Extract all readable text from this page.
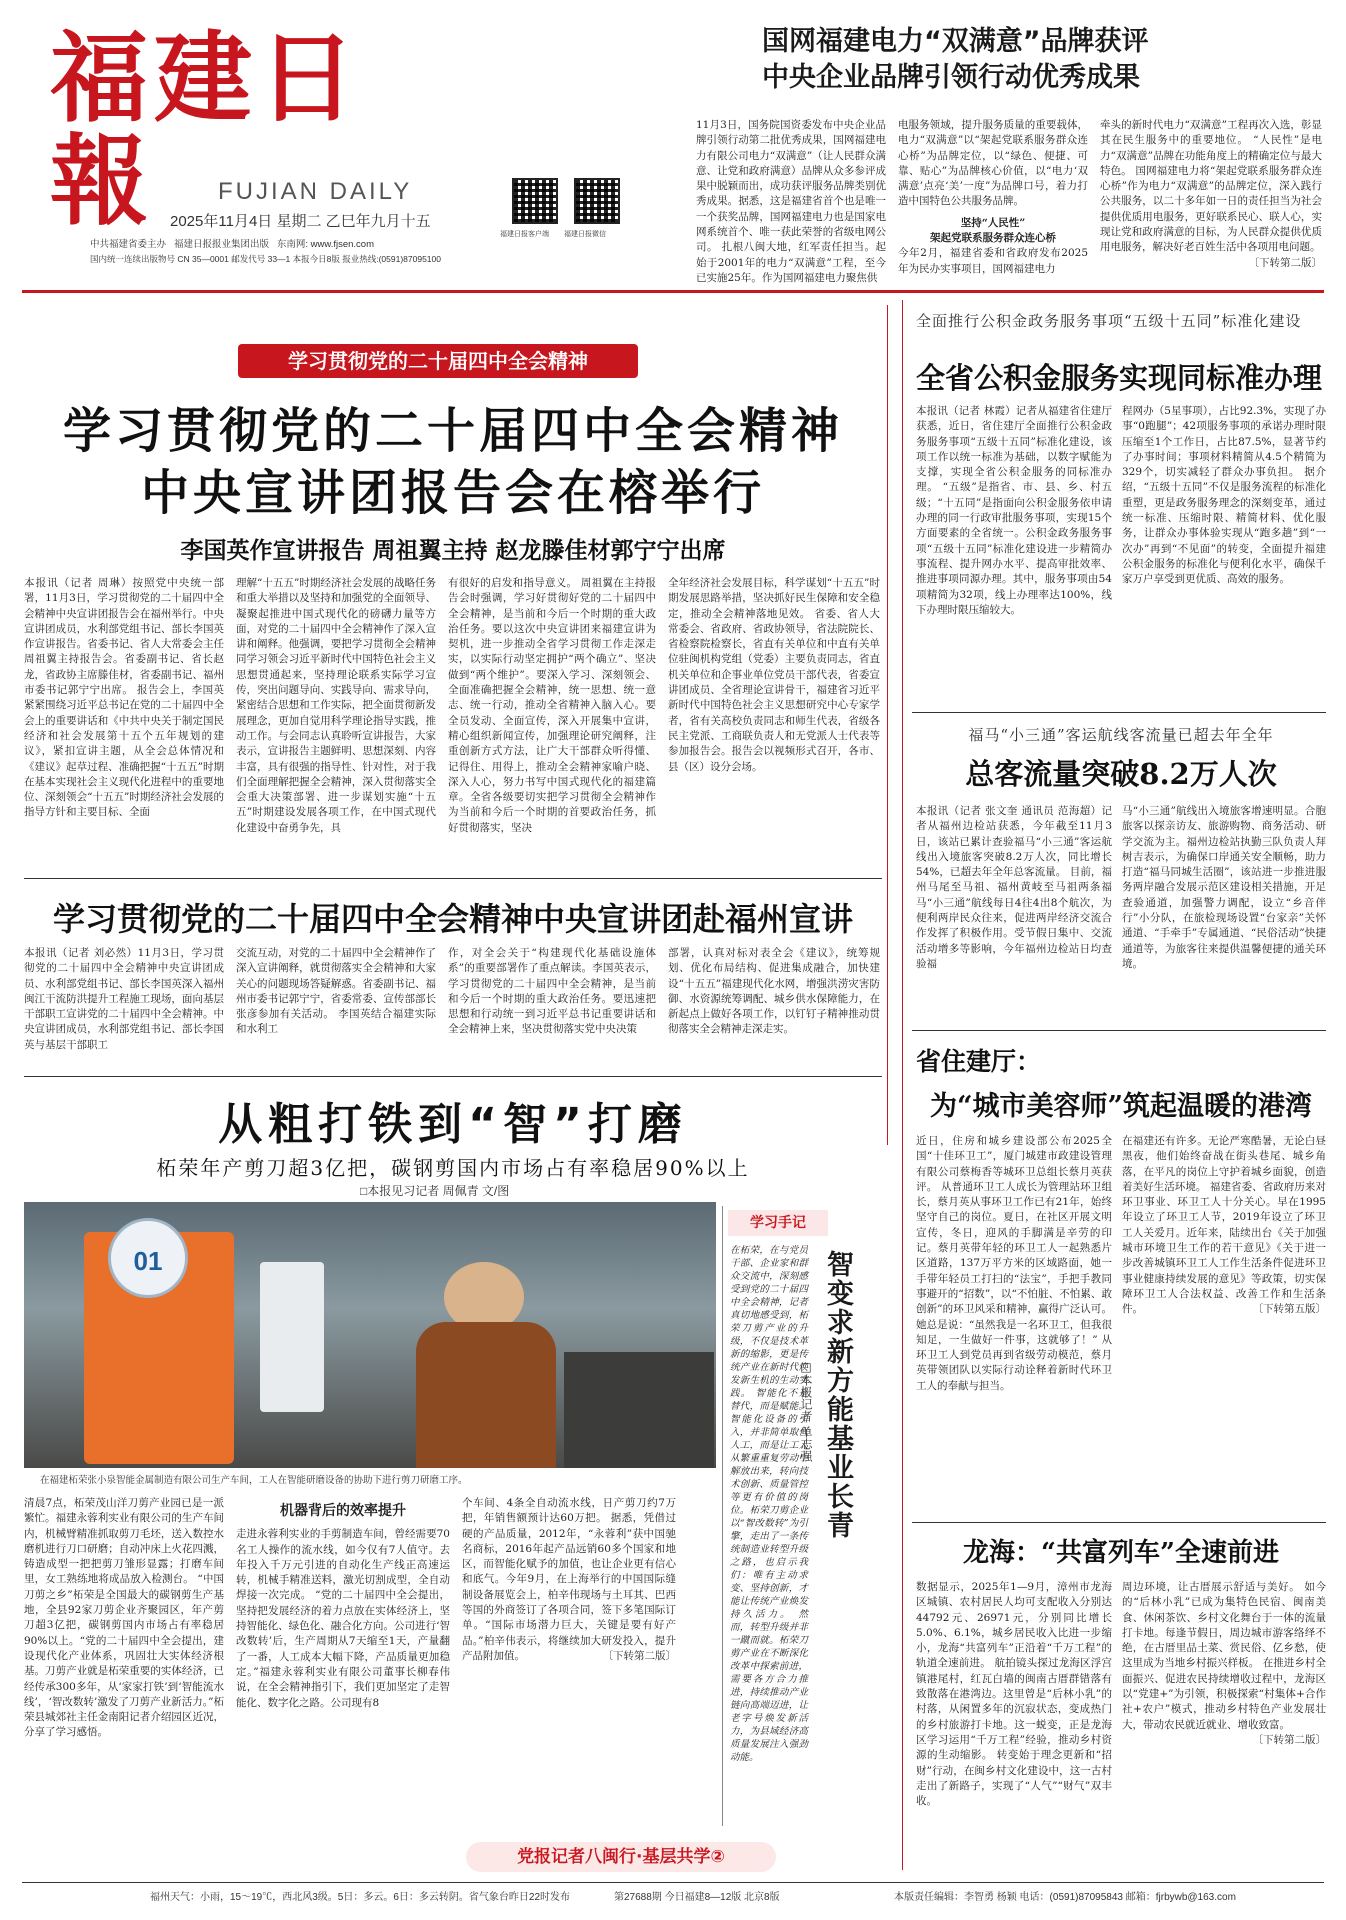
福建日報	FUJIAN DAILY
2025年11月4日 星期二 乙巳年九月十五
中共福建省委主办 福建日报报业集团出版 东南网: www.fjsen.com
国内统一连续出版物号 CN 35—0001 邮发代号 33—1 本报今日8版 报业热线:(0591)87095100
福建日报客户端 福建日报微信
国网福建电力“双满意”品牌获评
中央企业品牌引领行动优秀成果
11月3日，国务院国资委发布中央企业品牌引领行动第二批优秀成果，国网福建电力有限公司电力“双满意”（让人民群众满意、让党和政府满意）品牌从众多参评成果中脱颖而出，成功获评服务品牌类别优秀成果。据悉，这是福建省首个也是唯一一个获奖品牌，国网福建电力也是国家电网系统首个、唯一获此荣誉的省级电网公司。 扎根八闽大地，红军责任担当。起始于2001年的电力“双满意”工程，至今已实施25年。作为国网福建电力聚焦供
电服务领域，提升服务质量的重要载体，电力“双满意”以“架起党联系服务群众连心桥”为品牌定位，以“绿色、便捷、可靠、贴心”为品牌核心价值，以“电力‘双满意’点亮‘美’一度”为品牌口号，着力打造中国特色公共服务品牌。
坚持“人民性”
架起党联系服务群众连心桥
今年2月，福建省委和省政府发布2025年为民办实事项目，国网福建电力
牵头的新时代电力“双满意”工程再次入选，彰显其在民生服务中的重要地位。 “人民性”是电力“双满意”品牌在功能角度上的精确定位与最大特色。 国网福建电力将“架起党联系服务群众连心桥”作为电力“双满意”的品牌定位，深入践行公共服务，以二十多年如一日的责任担当为社会提供优质用电服务，更好联系民心、联人心，实现让党和政府满意的目标，为人民群众提供优质用电服务，解决好老百姓生活中各项用电问题。
〔下转第二版〕
学习贯彻党的二十届四中全会精神
学习贯彻党的二十届四中全会精神
中央宣讲团报告会在榕举行
李国英作宣讲报告 周祖翼主持 赵龙滕佳材郭宁宁出席
本报讯（记者 周琳）按照党中央统一部署，11月3日，学习贯彻党的二十届四中全会精神中央宣讲团报告会在福州举行。中央宣讲团成员，水利部党组书记、部长李国英作宣讲报告。省委书记、省人大常委会主任周祖翼主持报告会。省委副书记、省长赵龙，省政协主席滕佳材，省委副书记、福州市委书记郭宁宁出席。 报告会上，李国英紧紧围绕习近平总书记在党的二十届四中全会上的重要讲话和《中共中央关于制定国民经济和社会发展第十五个五年规划的建议》，紧扣宣讲主题，从全会总体情况和《建议》起草过程、准确把握“十五五”时期在基本实现社会主义现代化进程中的重要地位、深刻领会“十五五”时期经济社会发展的指导方针和主要目标、全面
理解“十五五”时期经济社会发展的战略任务和重大举措以及坚持和加强党的全面领导、凝聚起推进中国式现代化的磅礴力量等方面，对党的二十届四中全会精神作了深入宣讲和阐释。他强调，要把学习贯彻全会精神同学习领会习近平新时代中国特色社会主义思想贯通起来，坚持理论联系实际学习宣传，突出问题导向、实践导向、需求导向，紧密结合思想和工作实际，把全面贯彻新发展理念，更加自觉用科学理论指导实践，推动工作。与会同志认真聆听宣讲报告，大家表示，宣讲报告主题鲜明、思想深刻、内容丰富，具有很强的指导性、针对性，对于我们全面理解把握全会精神，深入贯彻落实全会重大决策部署、进一步谋划实施“十五五”时期建设发展各项工作，在中国式现代化建设中奋勇争先，具
有很好的启发和指导意义。 周祖翼在主持报告会时强调，学习好贯彻好党的二十届四中全会精神，是当前和今后一个时期的重大政治任务。要以这次中央宣讲团来福建宣讲为契机，进一步推动全省学习贯彻工作走深走实，以实际行动坚定拥护“两个确立”、坚决做到“两个维护”。要深入学习、深刻领会、全面准确把握全会精神，统一思想、统一意志、统一行动，推动全省精神入脑入心。要全员发动、全面宣传，深入开展集中宣讲，精心组织新闻宣传，加强理论研究阐释，注重创新方式方法，让广大干部群众听得懂、记得住、用得上，推动全会精神家喻户晓、深入人心，努力书写中国式现代化的福建篇章。全省各级要切实把学习贯彻全会精神作为当前和今后一个时期的首要政治任务，抓好贯彻落实，坚决
全年经济社会发展目标，科学谋划“十五五”时期发展思路举措，坚决抓好民生保障和安全稳定，推动全会精神落地见效。 省委、省人大常委会、省政府、省政协领导，省法院院长、省检察院检察长，省直有关单位和中直有关单位驻闽机构党组（党委）主要负责同志，省直机关单位和企事业单位党员干部代表，省委宣讲团成员、全省理论宣讲骨干，福建省习近平新时代中国特色社会主义思想研究中心专家学者，省有关高校负责同志和师生代表，省级各民主党派、工商联负责人和无党派人士代表等参加报告会。报告会以视频形式召开，各市、县（区）设分会场。
学习贯彻党的二十届四中全会精神中央宣讲团赴福州宣讲
本报讯（记者 刘必然）11月3日，学习贯彻党的二十届四中全会精神中央宣讲团成员、水利部党组书记、部长李国英深入福州闽江干流防洪提升工程施工现场，面向基层干部职工宣讲党的二十届四中全会精神。中央宣讲团成员，水利部党组书记、部长李国英与基层干部职工
交流互动，对党的二十届四中全会精神作了深入宣讲阐释，就贯彻落实全会精神和大家关心的问题现场答疑解惑。省委副书记、福州市委书记郭宁宁，省委常委、宣传部部长张彦参加有关活动。 李国英结合福建实际和水利工
作，对全会关于“构建现代化基础设施体系”的重要部署作了重点解读。李国英表示，学习贯彻党的二十届四中全会精神，是当前和今后一个时期的重大政治任务。要迅速把思想和行动统一到习近平总书记重要讲话和全会精神上来，坚决贯彻落实党中央决策
部署，认真对标对表全会《建议》，统筹规划、优化布局结构、促进集成融合，加快建设“十五五”福建现代化水网，增强洪涝灾害防御、水资源统筹调配、城乡供水保障能力，在新起点上做好各项工作，以钉钉子精神推动贯彻落实全会精神走深走实。
从粗打铁到“智”打磨
柘荣年产剪刀超3亿把，碳钢剪国内市场占有率稳居90%以上
□本报见习记者 周佩青 文/图
01
在福建柘荣张小泉智能金属制造有限公司生产车间，工人在智能研磨设备的协助下进行剪刀研磨工序。
清晨7点，柘荣茂山洋刀剪产业园已是一派繁忙。福建永蓉利实业有限公司的生产车间内，机械臂精准抓取剪刀毛坯，送入数控水磨机进行刀口研磨；自动冲床上火花四溅，铸造成型一把把剪刀雏形显露；打磨车间里，女工熟练地将成品放入检测台。 “中国刀剪之乡”柘荣是全国最大的碳钢剪生产基地，全县92家刀剪企业齐聚园区，年产剪刀超3亿把，碳钢剪国内市场占有率稳居90%以上。“党的二十届四中全会提出，建设现代化产业体系，巩固壮大实体经济根基。刀剪产业就是柘荣重要的实体经济，已经传承300多年，从‘家家打铁’到‘智能流水线’，‘智改数转’激发了刀剪产业新活力。”柘荣县城郊社主任金南阳记者介绍园区近况，分享了学习感悟。
机器背后的效率提升
走进永蓉利实业的手剪制造车间，曾经需要70名工人操作的流水线，如今仅有7人值守。去年投入千万元引进的自动化生产线正高速运转，机械手精准送料，激光切割成型，全自动焊接一次完成。 “党的二十届四中全会提出，坚持把发展经济的着力点放在实体经济上，坚持智能化、绿色化、融合化方向。公司进行‘智改数转’后，生产周期从7天缩至1天，产量翻了一番，人工成本大幅下降，产品质量更加稳定。”福建永蓉利实业有限公司董事长柳春伟说，在全会精神指引下，我们更加坚定了走智能化、数字化之路。公司现有8
个车间、4条全自动流水线，日产剪刀约7万把，年销售额预计达60万把。 据悉，凭借过硬的产品质量，2012年，“永蓉利”获中国驰名商标，2016年起产品远销60多个国家和地区，而智能化赋予的加值，也让企业更有信心和底气。今年9月，在上海举行的中国国际缝制设备展览会上，柏辛伟现场与土耳其、巴西等国的外商签订了各项合同，签下多笔国际订单。“国际市场潜力巨大，关键是要有好产品。”柏辛伟表示，将继续加大研发投入，提升产品附加值。	〔下转第二版〕
学习手记
在柘荣，在与党员干部、企业家和群众交流中，深刻感受到党的二十届四中全会精神，记者真切地感受到，柘荣刀剪产业的升级，不仅是技术革新的缩影，更是传统产业在新时代焕发新生机的生动实践。 智能化不是替代，而是赋能。智能化设备的引入，并非简单取代人工，而是让工人从繁重重复劳动中解放出来，转向技术创新、质量管控等更有价值的岗位。柘荣刀剪企业以“智改数转”为引擎，走出了一条传统制造业转型升级之路，也启示我们：唯有主动求变、坚持创新，才能让传统产业焕发持久活力。 然而，转型升级并非一蹴而就。柘荣刀剪产业在不断深化改革中探索前进，需要各方合力推进，持续推动产业链向高端迈进，让老字号焕发新活力，为县域经济高质量发展注入强劲动能。
智变求新方能基业长青
□本报记者 单志强
党报记者八闽行·基层共学②
全面推行公积金政务服务事项“五级十五同”标准化建设
全省公积金服务实现同标准办理
本报讯（记者 林霞）记者从福建省住建厅获悉，近日，省住建厅全面推行公积金政务服务事项“五级十五同”标准化建设，该项工作以统一标准为基础，以数字赋能为支撑，实现全省公积金服务的同标准办理。 “五级”是指省、市、县、乡、村五级；“十五同”是指面向公积金服务依申请办理的同一行政审批服务事项，实现15个方面要素的全省统一。公积金政务服务事项“五级十五同”标准化建设进一步精简办事流程、提升网办水平、提高审批效率、推进事项同源办理。其中，服务事项由54项精简为32项，线上办理率达100%，线下办理时限压缩较大。
程网办（5星事项），占比92.3%，实现了办事“0跑腿”；42项服务事项的承诺办理时限压缩至1个工作日，占比87.5%，显著节约了办事时间；事项材料精简从4.5个精简为329个，切实减轻了群众办事负担。 据介绍，“五级十五同”不仅是服务流程的标准化重塑，更是政务服务理念的深刻变革，通过统一标准、压缩时限、精简材料、优化服务，让群众办事体验实现从“跑多趟”到“一次办”再到“不见面”的转变，全面提升福建公积金服务的标准化与便利化水平，确保千家万户享受到更优质、高效的服务。
福马“小三通”客运航线客流量已超去年全年
总客流量突破8.2万人次
本报讯（记者 张文奎 通讯员 范海超）记者从福州边检站获悉，今年截至11月3日，该站已累计查验福马“小三通”客运航线出入境旅客突破8.2万人次，同比增长54%，已超去年全年总客流量。 目前，福州马尾至马祖、福州黄岐至马祖两条福马“小三通”航线每日4往4出8个航次，为便利两岸民众往来，促进两岸经济交流合作发挥了积极作用。受节假日集中、交流活动增多等影响，今年福州边检站日均查验福
马“小三通”航线出入境旅客增速明显。合胞旅客以探亲访友、旅游购物、商务活动、研学交流为主。福州边检站执勤三队负责人拜树吉表示，为确保口岸通关安全顺畅，助力打造“福马同城生活圈”，该站进一步推进服务两岸融合发展示范区建设相关措施，开足查验通道，加强警力调配，设立“乡音伴行”小分队，在旅检现场设置“台家亲”关怀通道、“手牵手”专属通道、“民俗活动”快捷通道等，为旅客往来提供温馨便捷的通关环境。
省住建厅：
为“城市美容师”筑起温暖的港湾
近日，住房和城乡建设部公布2025全国“十佳环卫工”，厦门城建市政建设管理有限公司蔡梅香等城环卫总组长蔡月英获评。 从普通环卫工人成长为管理站环卫组长，蔡月英从事环卫工作已有21年，始终坚守自己的岗位。夏日，在社区开展文明宣传，冬日，迎风的手脚满是辛劳的印记。蔡月英带年轻的环卫工人一起熟悉片区道路，137万平方米的区域路面，她一手带年轻员工打扫的“法宝”，手把手教同事避开的“招数”，以“不怕脏、不怕累、敢创新”的环卫风采和精神，赢得广泛认可。她总是说：“虽然我是一名环卫工，但我很知足，一生做好一件事，这就够了！” 从环卫工人到党员再到省级劳动模范，蔡月英带领团队以实际行动诠释着新时代环卫工人的奉献与担当。
在福建还有许多。无论严寒酷暑，无论白昼黑夜，他们始终奋战在街头巷尾、城乡角落，在平凡的岗位上守护着城乡面貌，创造着美好生活环境。 福建省委、省政府历来对环卫事业、环卫工人十分关心。早在1995年设立了环卫工人节，2019年设立了环卫工人关爱月。近年来，陆续出台《关于加强城市环境卫生工作的若干意见》《关于进一步改善城镇环卫工人工作生活条件促进环卫事业健康持续发展的意见》等政策，切实保障环卫工人合法权益、改善工作和生活条件。	〔下转第五版〕
龙海：“共富列车”全速前进
数据显示，2025年1—9月，漳州市龙海区城镇、农村居民人均可支配收入分别达44792元、26971元，分别同比增长5.0%、6.1%，城乡居民收入比进一步缩小，龙海“共富列车”正沿着“千万工程”的轨道全速前进。 航拍镜头探过龙海区浮宫镇港尾村，红瓦白墙的闽南古厝群错落有致散落在港湾边。这里曾是“后林小乳”的村落，从闲置多年的沉寂状态，变成热门的乡村旅游打卡地。这一蜕变，正是龙海区学习运用“千万工程”经验，推动乡村资源的生动缩影。 转变始于理念更新和“招财”行动，在闽乡村文化建设中，这一古村走出了新路子，实现了“人气”“财气”双丰收。
周边环境，让古厝展示舒适与美好。 如今的“后林小乳”已成为集特色民宿、闽南美食、休闲茶饮、乡村文化舞台于一体的流量打卡地。每逢节假日，周边城市游客络绎不绝，在古厝里品土菜、赏民俗、亿乡愁，使这里成为当地乡村振兴样板。 在推进乡村全面振兴、促进农民持续增收过程中，龙海区以“党建+”为引领，积极探索“村集体+合作社+农户”模式，推动乡村特色产业发展壮大，带动农民就近就业、增收致富。
〔下转第二版〕
福州天气：小雨，15～19℃，西北风3级。5日：多云。6日：多云转阴。省气象台昨日22时发布	第27688期 今日福建8—12版 北京8版	本版责任编辑：李智勇 杨颖 电话：(0591)87095843 邮箱：fjrbywb@163.com
